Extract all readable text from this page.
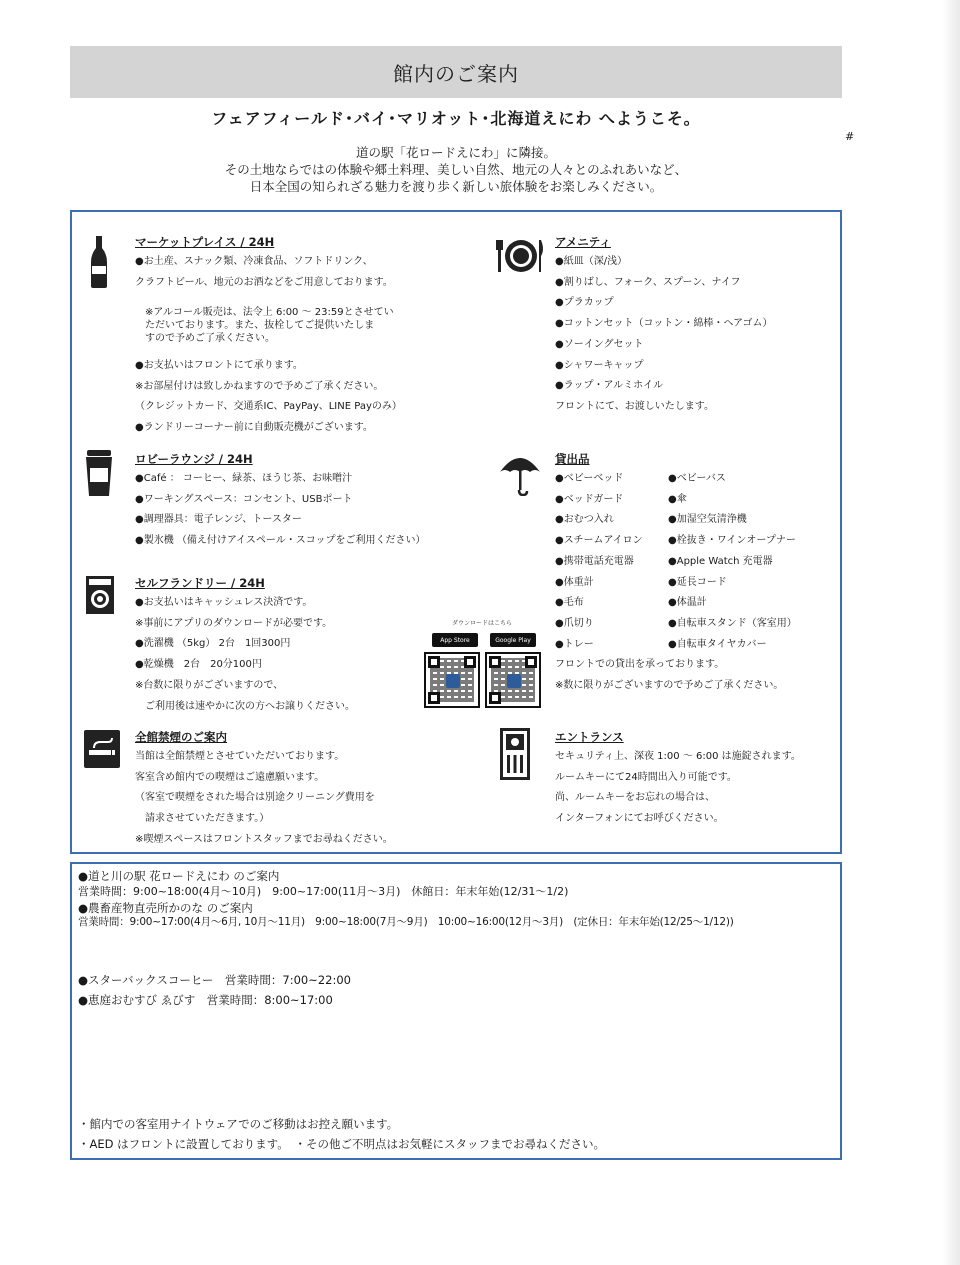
館内のご案内
フェアフィールド･バイ･マリオット･北海道えにわ へようこそ。
#
道の駅「花ロードえにわ」に隣接。
その土地ならではの体験や郷土料理、美しい自然、地元の人々とのふれあいなど、
日本全国の知られざる魅力を渡り歩く新しい旅体験をお楽しみください。
マーケットプレイス / 24H
●お土産、スナック類、冷凍食品、ソフトドリンク、
クラフトビール、地元のお酒などをご用意しております。
※アルコール販売は、法令上 6:00 ～ 23:59とさせてい
ただいております。また、抜栓してご提供いたしま
すので予めご了承ください。
●お支払いはフロントにて承ります。
※お部屋付けは致しかねますので予めご了承ください。
（クレジットカード、交通系IC、PayPay、LINE Payのみ）
●ランドリーコーナー前に自動販売機がございます。
ロビーラウンジ / 24H
●Café ： コーヒー、緑茶、ほうじ茶、お味噌汁
●ワーキングスペース：コンセント、USBポート
●調理器具：電子レンジ、トースター
●製氷機 （備え付けアイスペール・スコップをご利用ください）
セルフランドリー / 24H
●お支払いはキャッシュレス決済です。
※事前にアプリのダウンロードが必要です。
●洗濯機 （5kg） 2台　1回300円
●乾燥機　2台　20分100円
※台数に限りがございますので、
　ご利用後は速やかに次の方へお譲りください。
ダウンロードはこちら
App Store	Google Play
全館禁煙のご案内
当館は全館禁煙とさせていただいております。
客室含め館内での喫煙はご遠慮願います。
（客室で喫煙をされた場合は別途クリーニング費用を
　請求させていただきます。）
※喫煙スペースはフロントスタッフまでお尋ねください。
アメニティ
●紙皿（深/浅）
●割りばし、フォーク、スプーン、ナイフ
●プラカップ
●コットンセット（コットン・綿棒・ヘアゴム）
●ソーイングセット
●シャワーキャップ
●ラップ・アルミホイル
フロントにて、お渡しいたします。
貸出品
●ベビーベッド
●ベッドガード
●おむつ入れ
●スチームアイロン
●携帯電話充電器
●体重計
●毛布
●爪切り
●トレー
●ベビーバス
●傘
●加湿空気清浄機
●栓抜き・ワインオープナー
●Apple Watch 充電器
●延長コード
●体温計
●自転車スタンド（客室用）
●自転車タイヤカバー
フロントでの貸出を承っております。
※数に限りがございますので予めご了承ください。
エントランス
セキュリティ上、深夜 1:00 ～ 6:00 は施錠されます。
ルームキーにて24時間出入り可能です。
尚、ルームキーをお忘れの場合は、
インターフォンにてお呼びください。
●道と川の駅 花ロードえにわ のご案内
営業時間：9:00~18:00(4月～10月)　9:00~17:00(11月～3月)　休館日：年末年始(12/31～1/2)
●農畜産物直売所かのな のご案内
営業時間：9:00~17:00(4月～6月, 10月～11月)　9:00~18:00(7月～9月)　10:00~16:00(12月～3月)　(定休日：年末年始(12/25～1/12))
●スターバックスコーヒー　営業時間：7:00~22:00
●恵庭おむすび ゑびす　営業時間：8:00~17:00
・館内での客室用ナイトウェアでのご移動はお控え願います。
・AED はフロントに設置しております。　・その他ご不明点はお気軽にスタッフまでお尋ねください。
